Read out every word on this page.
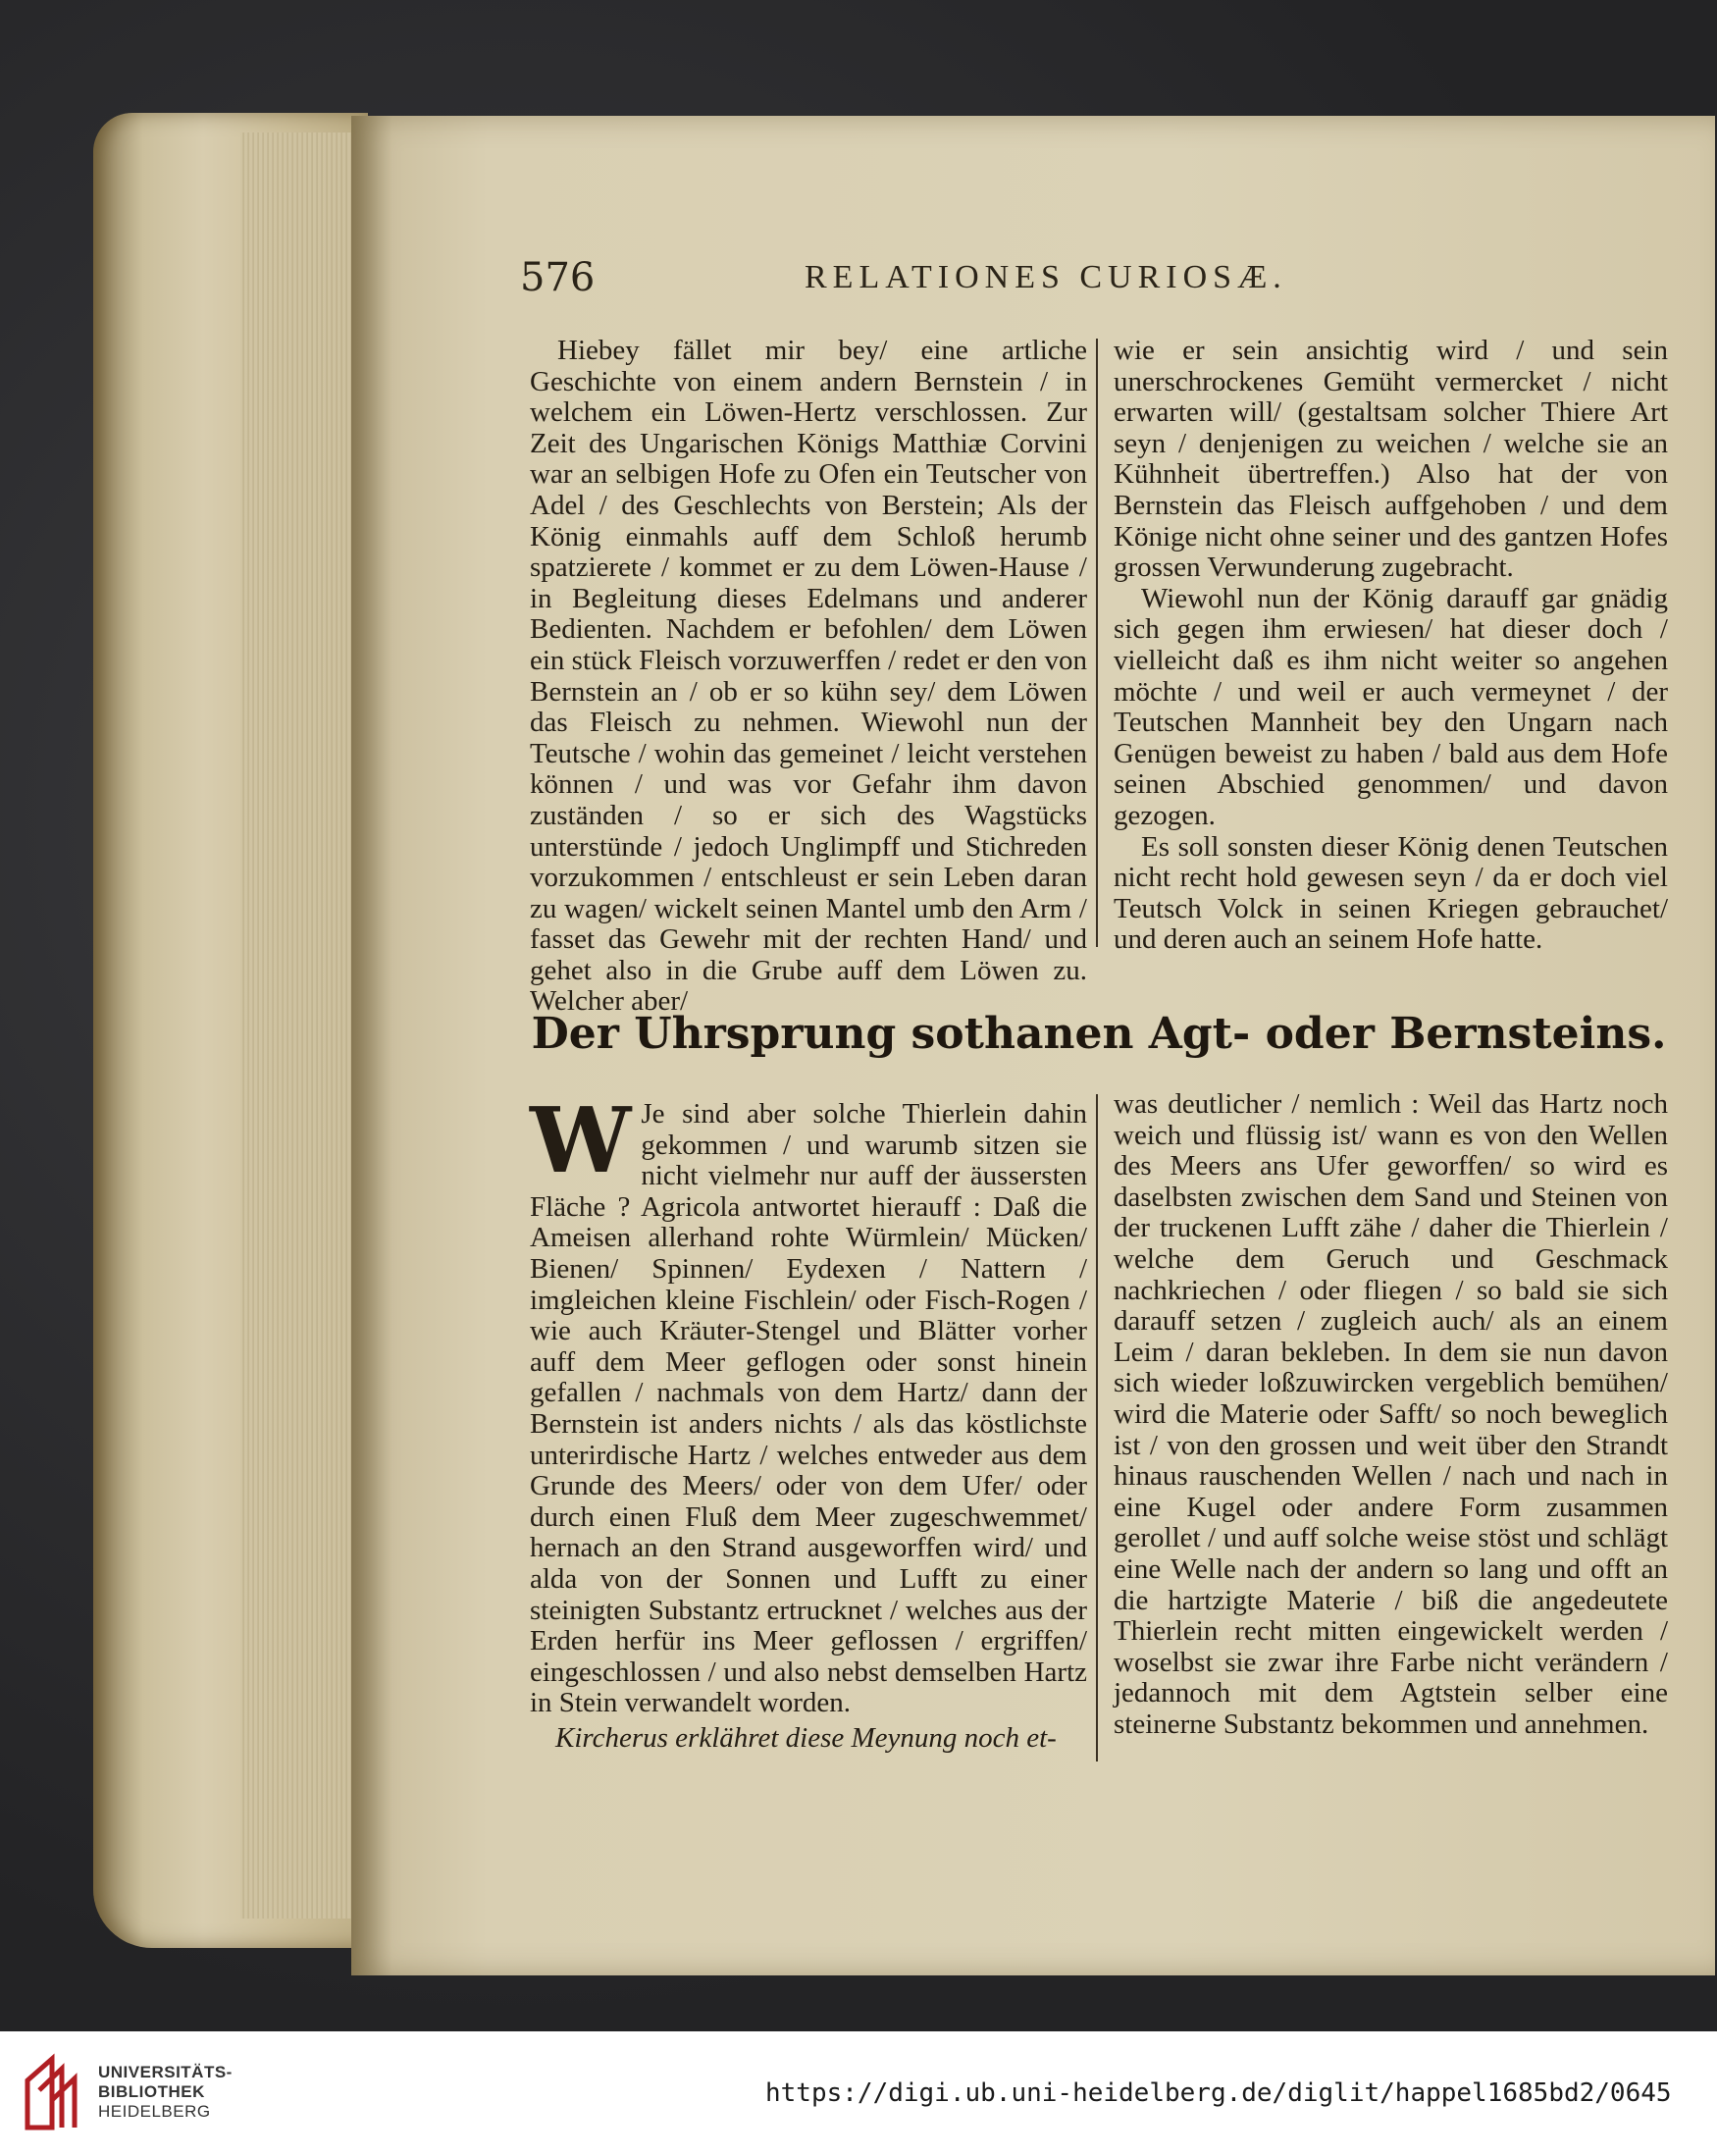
576	RELATIONES CURIOSÆ.

Hiebey fället mir bey/ eine artliche Geschichte von einem andern Bernstein / in welchem ein Löwen-Hertz verschlossen. Zur Zeit des Ungarischen Königs Matthiæ Corvini war an selbigen Hofe zu Ofen ein Teutscher von Adel / des Geschlechts von Berstein; Als der König einmahls auff dem Schloß herumb spatzierete / kommet er zu dem Löwen-Hause / in Begleitung dieses Edelmans und anderer Bedienten. Nachdem er befohlen/ dem Löwen ein stück Fleisch vorzuwerffen / redet er den von Bernstein an / ob er so kühn sey/ dem Löwen das Fleisch zu nehmen. Wiewohl nun der Teutsche / wohin das gemeinet / leicht verstehen können / und was vor Gefahr ihm davon zuständen / so er sich des Wagstücks unterstünde / jedoch Unglimpff und Stichreden vorzukommen / entschleust er sein Leben daran zu wagen/ wickelt seinen Mantel umb den Arm / fasset das Gewehr mit der rechten Hand/ und gehet also in die Grube auff dem Löwen zu. Welcher aber/

wie er sein ansichtig wird / und sein unerschrockenes Gemüht vermercket / nicht erwarten will/ (gestaltsam solcher Thiere Art seyn / denjenigen zu weichen / welche sie an Kühnheit übertreffen.) Also hat der von Bernstein das Fleisch auffgehoben / und dem Könige nicht ohne seiner und des gantzen Hofes grossen Verwunderung zugebracht.

Wiewohl nun der König darauff gar gnädig sich gegen ihm erwiesen/ hat dieser doch / vielleicht daß es ihm nicht weiter so angehen möchte / und weil er auch vermeynet / der Teutschen Mannheit bey den Ungarn nach Genügen beweist zu haben / bald aus dem Hofe seinen Abschied genommen/ und davon gezogen.

Es soll sonsten dieser König denen Teutschen nicht recht hold gewesen seyn / da er doch viel Teutsch Volck in seinen Kriegen gebrauchet/ und deren auch an seinem Hofe hatte.

Der Uhrsprung sothanen Agt- oder Bernsteins.
W Je sind aber solche Thierlein dahin gekommen / und warumb sitzen sie nicht vielmehr nur auff der äussersten Fläche ? Agricola antwortet hierauff : Daß die Ameisen allerhand rohte Würmlein/ Mücken/ Bienen/ Spinnen/ Eydexen / Nattern / imgleichen kleine Fischlein/ oder Fisch-Rogen / wie auch Kräuter-Stengel und Blätter vorher auff dem Meer geflogen oder sonst hinein gefallen / nachmals von dem Hartz/ dann der Bernstein ist anders nichts / als das köstlichste unterirdische Hartz / welches entweder aus dem Grunde des Meers/ oder von dem Ufer/ oder durch einen Fluß dem Meer zugeschwemmet/ hernach an den Strand ausgeworffen wird/ und alda von der Sonnen und Lufft zu einer steinigten Substantz ertrucknet / welches aus der Erden herfür ins Meer geflossen / ergriffen/ eingeschlossen / und also nebst demselben Hartz in Stein verwandelt worden.

Kircherus erklähret diese Meynung noch et-

was deutlicher / nemlich : Weil das Hartz noch weich und flüssig ist/ wann es von den Wellen des Meers ans Ufer geworffen/ so wird es daselbsten zwischen dem Sand und Steinen von der truckenen Lufft zähe / daher die Thierlein / welche dem Geruch und Geschmack nachkriechen / oder fliegen / so bald sie sich darauff setzen / zugleich auch/ als an einem Leim / daran bekleben. In dem sie nun davon sich wieder loßzuwircken vergeblich bemühen/ wird die Materie oder Safft/ so noch beweglich ist / von den grossen und weit über den Strandt hinaus rauschenden Wellen / nach und nach in eine Kugel oder andere Form zusammen gerollet / und auff solche weise stöst und schlägt eine Welle nach der andern so lang und offt an die hartzigte Materie / biß die angedeutete Thierlein recht mitten eingewickelt werden / woselbst sie zwar ihre Farbe nicht verändern / jedannoch mit dem Agtstein selber eine steinerne Substantz bekommen und annehmen.

UNIVERSITÄTS-
BIBLIOTHEK
HEIDELBERG
https://digi.ub.uni-heidelberg.de/diglit/happel1685bd2/0645
